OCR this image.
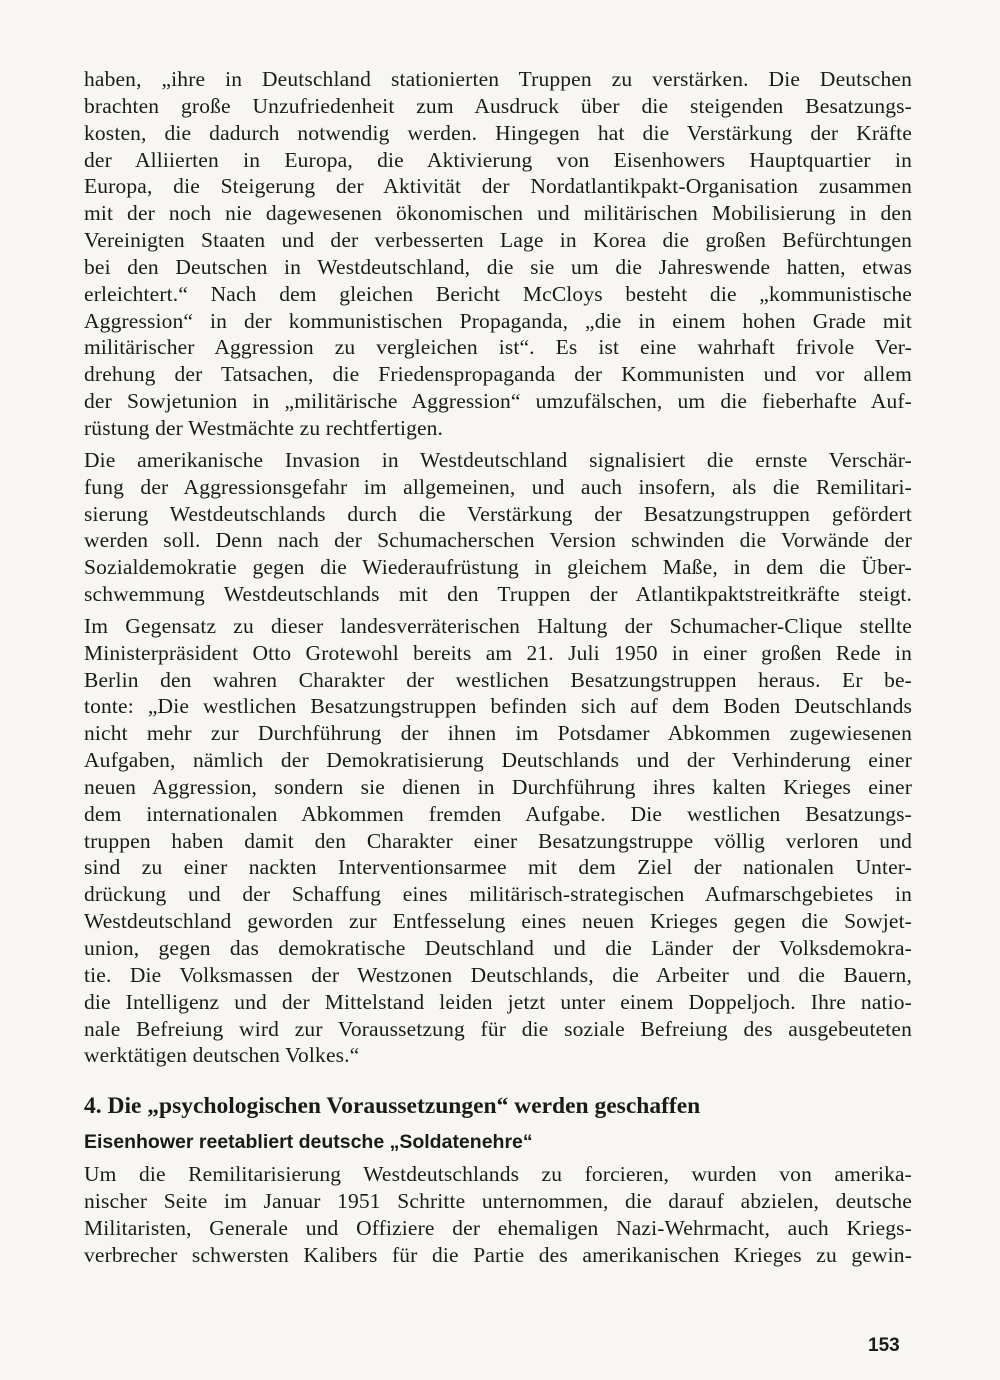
haben, „ihre in Deutschland stationierten Truppen zu verstärken. Die Deutschen
brachten große Unzufriedenheit zum Ausdruck über die steigenden Besatzungs-
kosten, die dadurch notwendig werden. Hingegen hat die Verstärkung der Kräfte
der Alliierten in Europa, die Aktivierung von Eisenhowers Hauptquartier in
Europa, die Steigerung der Aktivität der Nordatlantikpakt-Organisation zusammen
mit der noch nie dagewesenen ökonomischen und militärischen Mobilisierung in den
Vereinigten Staaten und der verbesserten Lage in Korea die großen Befürchtungen
bei den Deutschen in Westdeutschland, die sie um die Jahreswende hatten, etwas
erleichtert.“ Nach dem gleichen Bericht McCloys besteht die „kommunistische
Aggression“ in der kommunistischen Propaganda, „die in einem hohen Grade mit
militärischer Aggression zu vergleichen ist“. Es ist eine wahrhaft frivole Ver-
drehung der Tatsachen, die Friedenspropaganda der Kommunisten und vor allem
der Sowjetunion in „militärische Aggression“ umzufälschen, um die fieberhafte Auf-
rüstung der Westmächte zu rechtfertigen.
Die amerikanische Invasion in Westdeutschland signalisiert die ernste Verschär-
fung der Aggressionsgefahr im allgemeinen, und auch insofern, als die Remilitari-
sierung Westdeutschlands durch die Verstärkung der Besatzungstruppen gefördert
werden soll. Denn nach der Schumacherschen Version schwinden die Vorwände der
Sozialdemokratie gegen die Wiederaufrüstung in gleichem Maße, in dem die Über-
schwemmung Westdeutschlands mit den Truppen der Atlantikpaktstreitkräfte steigt.
Im Gegensatz zu dieser landesverräterischen Haltung der Schumacher-Clique stellte
Ministerpräsident Otto Grotewohl bereits am 21. Juli 1950 in einer großen Rede in
Berlin den wahren Charakter der westlichen Besatzungstruppen heraus. Er be-
tonte: „Die westlichen Besatzungstruppen befinden sich auf dem Boden Deutschlands
nicht mehr zur Durchführung der ihnen im Potsdamer Abkommen zugewiesenen
Aufgaben, nämlich der Demokratisierung Deutschlands und der Verhinderung einer
neuen Aggression, sondern sie dienen in Durchführung ihres kalten Krieges einer
dem internationalen Abkommen fremden Aufgabe. Die westlichen Besatzungs-
truppen haben damit den Charakter einer Besatzungstruppe völlig verloren und
sind zu einer nackten Interventionsarmee mit dem Ziel der nationalen Unter-
drückung und der Schaffung eines militärisch-strategischen Aufmarschgebietes in
Westdeutschland geworden zur Entfesselung eines neuen Krieges gegen die Sowjet-
union, gegen das demokratische Deutschland und die Länder der Volksdemokra-
tie. Die Volksmassen der Westzonen Deutschlands, die Arbeiter und die Bauern,
die Intelligenz und der Mittelstand leiden jetzt unter einem Doppeljoch. Ihre natio-
nale Befreiung wird zur Voraussetzung für die soziale Befreiung des ausgebeuteten
werktätigen deutschen Volkes.“
4. Die „psychologischen Voraussetzungen“ werden geschaffen
Eisenhower reetabliert deutsche „Soldatenehre“
Um die Remilitarisierung Westdeutschlands zu forcieren, wurden von amerika-
nischer Seite im Januar 1951 Schritte unternommen, die darauf abzielen, deutsche
Militaristen, Generale und Offiziere der ehemaligen Nazi-Wehrmacht, auch Kriegs-
verbrecher schwersten Kalibers für die Partie des amerikanischen Krieges zu gewin-
153
